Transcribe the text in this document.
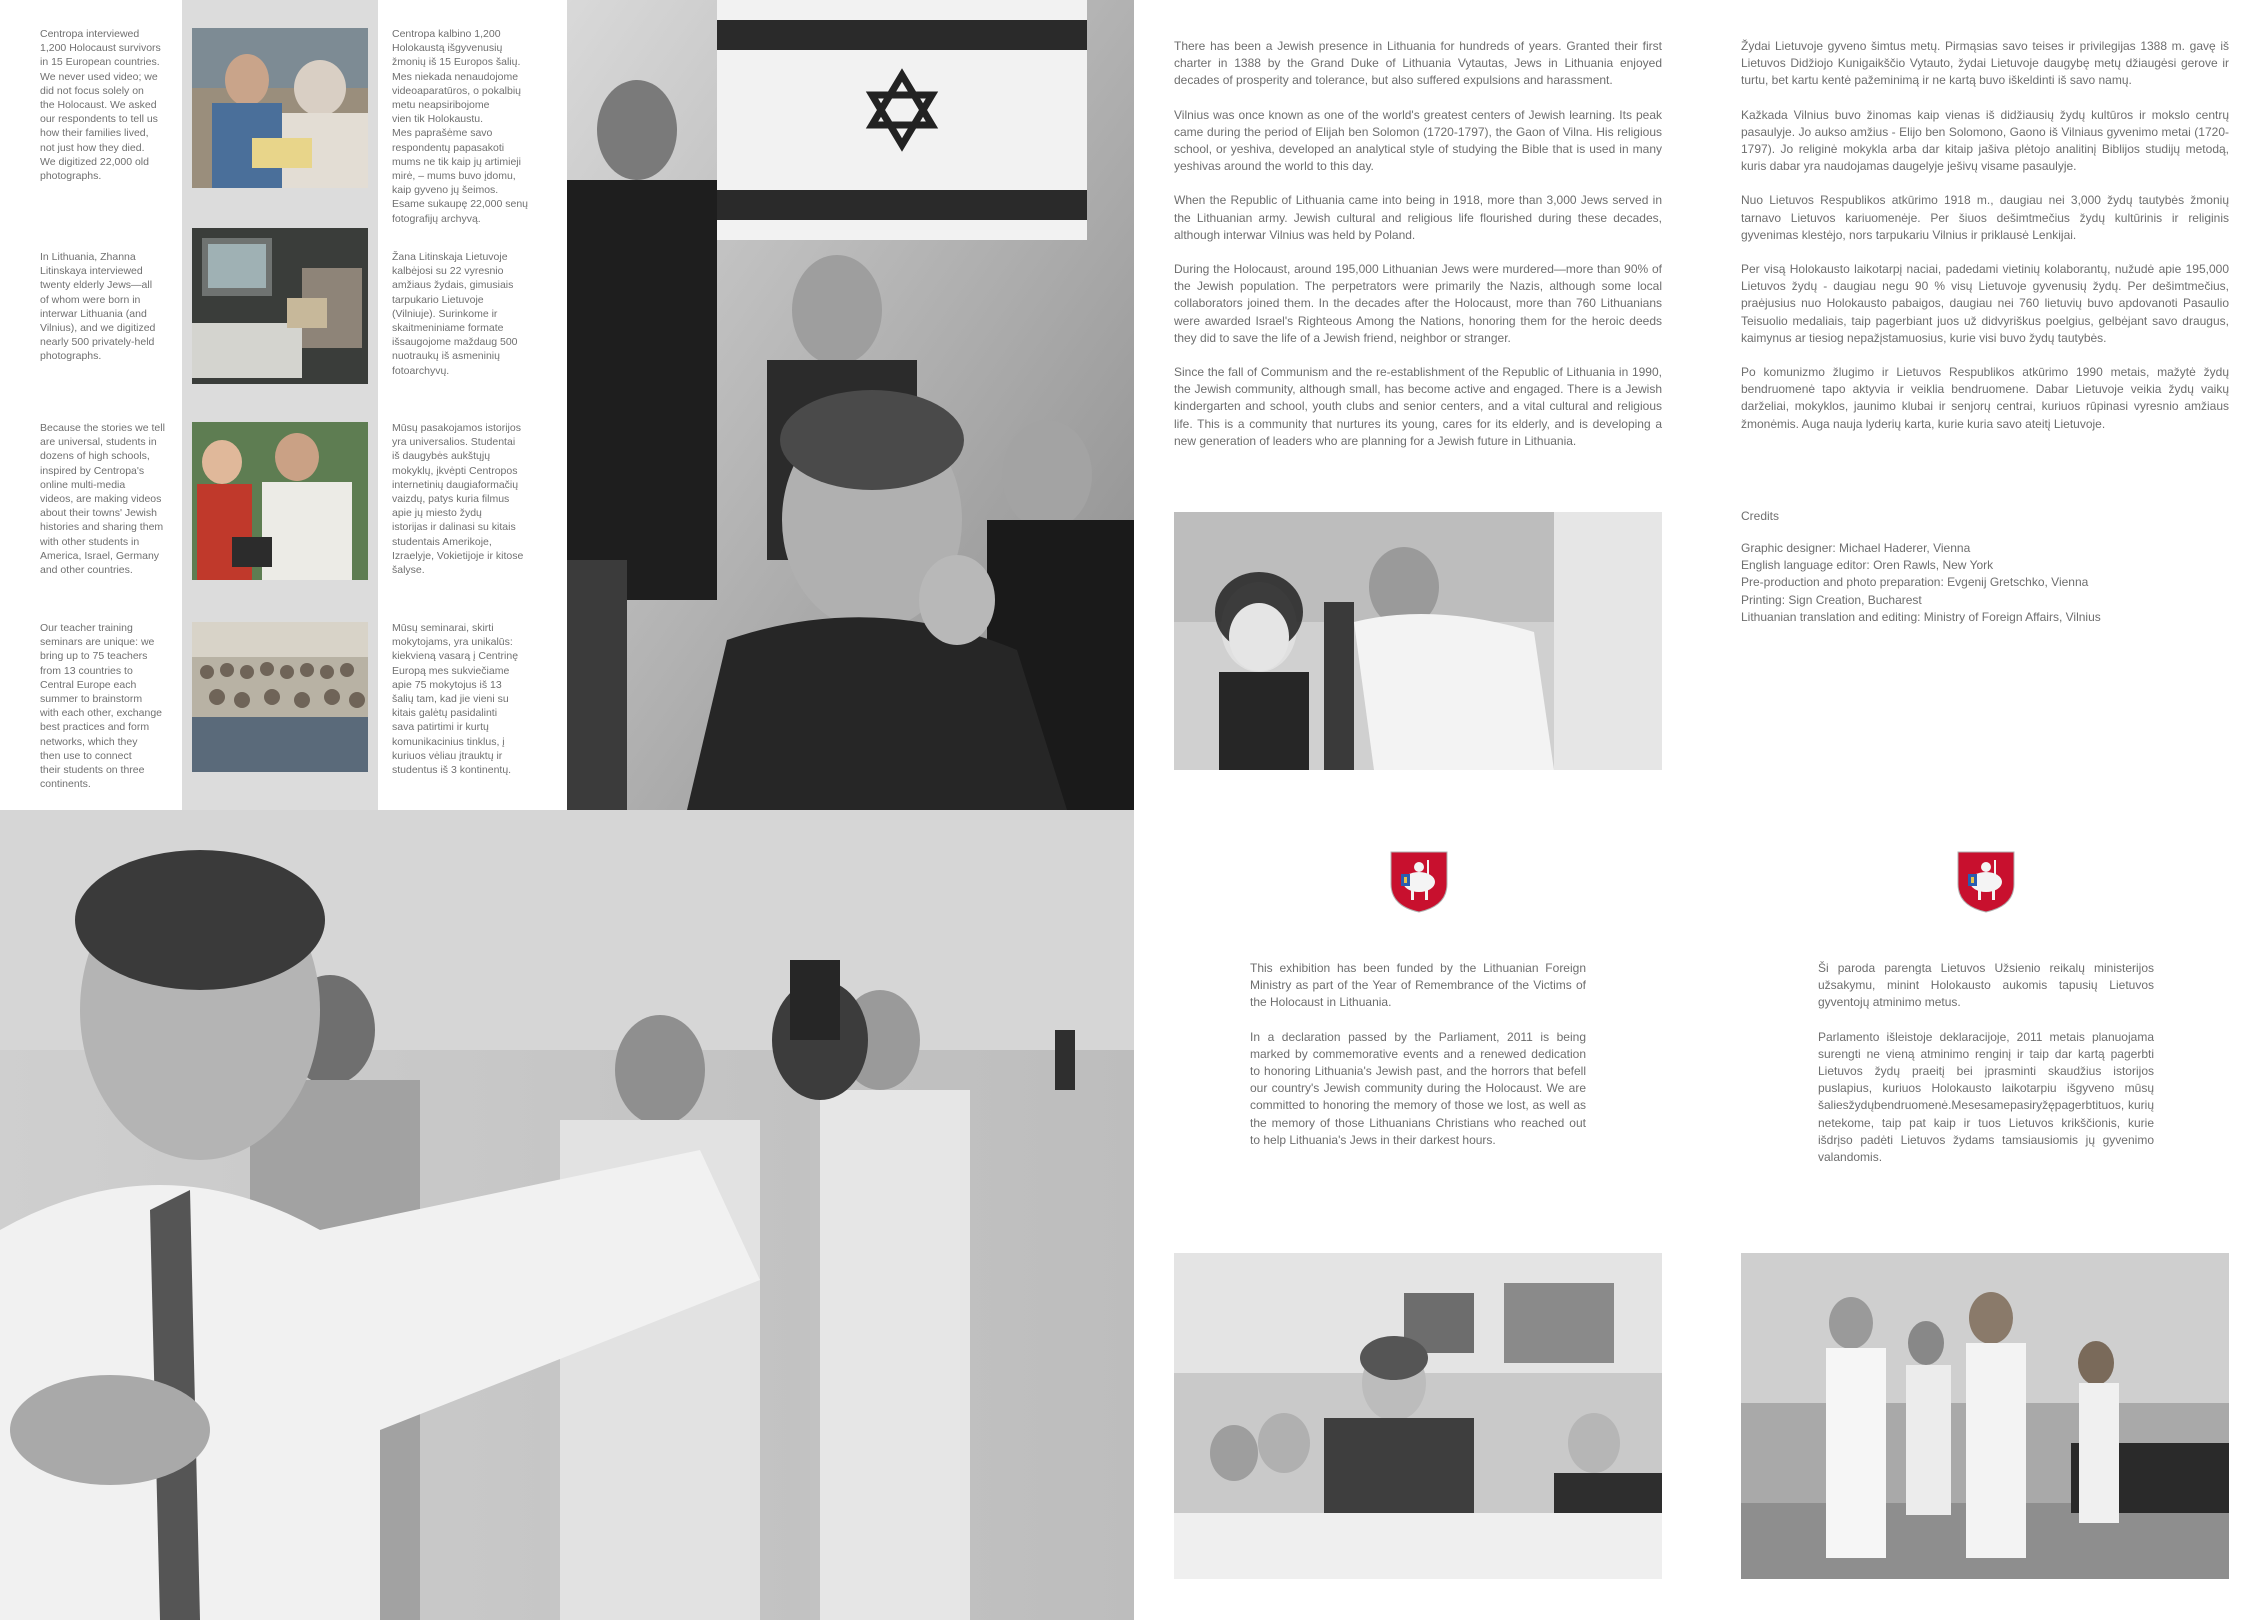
Centropa interviewed
1,200 Holocaust survivors
in 15 European countries.
We never used video; we
did not focus solely on
the Holocaust. We asked
our respondents to tell us
how their families lived,
not just how they died.
We digitized 22,000 old
photographs.
Centropa kalbino 1,200
Holokaustą išgyvenusių
žmonių iš 15 Europos šalių.
Mes niekada nenaudojome
videoaparatūros, o pokalbių
metu neapsiribojome
vien tik Holokaustu.
Mes paprašėme savo
respondentų papasakoti
mums ne tik kaip jų artimieji
mirė, – mums buvo įdomu,
kaip gyveno jų šeimos.
Esame sukaupę 22,000 senų
fotografijų archyvą.
In Lithuania, Zhanna
Litinskaya interviewed
twenty elderly Jews—all
of whom were born in
interwar Lithuania (and
Vilnius), and we digitized
nearly 500 privately-held
photographs.
Žana Litinskaja Lietuvoje
kalbėjosi su 22 vyresnio
amžiaus žydais, gimusiais
tarpukario Lietuvoje
(Vilniuje). Surinkome ir
skaitmeniniame formate
išsaugojome maždaug 500
nuotraukų iš asmeninių
fotoarchyvų.
Because the stories we tell
are universal, students in
dozens of high schools,
inspired by Centropa's
online multi-media
videos, are making videos
about their towns' Jewish
histories and sharing them
with other students in
America, Israel, Germany
and other countries.
Mūsų pasakojamos istorijos
yra universalios. Studentai
iš daugybės aukštųjų
mokyklų, įkvėpti Centropos
internetinių daugiaformačių
vaizdų, patys kuria filmus
apie jų miesto žydų
istorijas ir dalinasi su kitais
studentais Amerikoje,
Izraelyje, Vokietijoje ir kitose
šalyse.
Our teacher training
seminars are unique: we
bring up to 75 teachers
from 13 countries to
Central Europe each
summer to brainstorm
with each other, exchange
best practices and form
networks, which they
then use to connect
their students on three
continents.
Mūsų seminarai, skirti
mokytojams, yra unikalūs:
kiekvieną vasarą į Centrinę
Europą mes sukviečiame
apie 75 mokytojus iš 13
šalių tam, kad jie vieni su
kitais galėtų pasidalinti
sava patirtimi ir kurtų
komunikacinius tinklus, į
kuriuos vėliau įtrauktų ir
studentus iš 3 kontinentų.

There has been a Jewish presence in Lithuania for hundreds of years. Granted their first charter in 1388 by the Grand Duke of Lithuania Vytautas, Jews in Lithuania enjoyed decades of prosperity and tolerance, but also suffered expulsions and harassment.

Vilnius was once known as one of the world's greatest centers of Jewish learning. Its peak came during the period of Elijah ben Solomon (1720-1797), the Gaon of Vilna. His religious school, or yeshiva, developed an analytical style of studying the Bible that is used in many yeshivas around the world to this day.

When the Republic of Lithuania came into being in 1918, more than 3,000 Jews served in the Lithuanian army. Jewish cultural and religious life flourished during these decades, although interwar Vilnius was held by Poland.

During the Holocaust, around 195,000 Lithuanian Jews were murdered—more than 90% of the Jewish population. The perpetrators were primarily the Nazis, although some local collaborators joined them. In the decades after the Holocaust, more than 760 Lithuanians were awarded Israel's Righteous Among the Nations, honoring them for the heroic deeds they did to save the life of a Jewish friend, neighbor or stranger.

Since the fall of Communism and the re-establishment of the Republic of Lithuania in 1990, the Jewish community, although small, has become active and engaged. There is a Jewish kindergarten and school, youth clubs and senior centers, and a vital cultural and religious life. This is a community that nurtures its young, cares for its elderly, and is developing a new generation of leaders who are planning for a Jewish future in Lithuania.

Žydai Lietuvoje gyveno šimtus metų. Pirmąsias savo teises ir privilegijas 1388 m. gavę iš Lietuvos Didžiojo Kunigaikščio Vytauto, žydai Lietuvoje daugybę metų džiaugėsi gerove ir turtu, bet kartu kentė pažeminimą ir ne kartą buvo iškeldinti iš savo namų.

Kažkada Vilnius buvo žinomas kaip vienas iš didžiausių žydų kultūros ir mokslo centrų pasaulyje. Jo aukso amžius - Elijo ben Solomono, Gaono iš Vilniaus gyvenimo metai (1720-1797). Jo religinė mokykla arba dar kitaip jašiva plėtojo analitinį Biblijos studijų metodą, kuris dabar yra naudojamas daugelyje ješivų visame pasaulyje.

Nuo Lietuvos Respublikos atkūrimo 1918 m., daugiau nei 3,000 žydų tautybės žmonių tarnavo Lietuvos kariuomenėje. Per šiuos dešimtmečius žydų kultūrinis ir religinis gyvenimas klestėjo, nors tarpukariu Vilnius ir priklausė Lenkijai.

Per visą Holokausto laikotarpį naciai, padedami vietinių kolaborantų, nužudė apie 195,000 Lietuvos žydų - daugiau negu 90 % visų Lietuvoje gyvenusių žydų. Per dešimtmečius, praėjusius nuo Holokausto pabaigos, daugiau nei 760 lietuvių buvo apdovanoti Pasaulio Teisuolio medaliais, taip pagerbiant juos už didvyriškus poelgius, gelbėjant savo draugus, kaimynus ar tiesiog nepažįstamuosius, kurie visi buvo žydų tautybės.

Po komunizmo žlugimo ir Lietuvos Respublikos atkūrimo 1990 metais, mažytė žydų bendruomenė tapo aktyvia ir veiklia bendruomene. Dabar Lietuvoje veikia žydų vaikų darželiai, mokyklos, jaunimo klubai ir senjorų centrai, kuriuos rūpinasi vyresnio amžiaus žmonėmis. Auga nauja lyderių karta, kurie kuria savo ateitį Lietuvoje.

Credits
Graphic designer: Michael Haderer, Vienna
English language editor: Oren Rawls, New York
Pre-production and photo preparation: Evgenij Gretschko, Vienna
Printing: Sign Creation, Bucharest
Lithuanian translation and editing: Ministry of Foreign Affairs, Vilnius

This exhibition has been funded by the Lithuanian Foreign Ministry as part of the Year of Remembrance of the Victims of the Holocaust in Lithuania.

In a declaration passed by the Parliament, 2011 is being marked by commemorative events and a renewed dedication to honoring Lithuania's Jewish past, and the horrors that befell our country's Jewish community during the Holocaust. We are committed to honoring the memory of those we lost, as well as the memory of those Lithuanians Christians who reached out to help Lithuania's Jews in their darkest hours.

Ši paroda parengta Lietuvos Užsienio reikalų ministerijos užsakymu, minint Holokausto aukomis tapusių Lietuvos gyventojų atminimo metus.

Parlamento išleistoje deklaracijoje, 2011 metais planuojama surengti ne vieną atminimo renginį ir taip dar kartą pagerbti Lietuvos žydų praeitį bei įprasminti skaudžius istorijos puslapius, kuriuos Holokausto laikotarpiu išgyveno mūsų šaliesžydųbendruomenė.Mesesamepasiryžępagerbtituos, kurių netekome, taip pat kaip ir tuos Lietuvos krikščionis, kurie išdrįso padėti Lietuvos žydams tamsiausiomis jų gyvenimo valandomis.
